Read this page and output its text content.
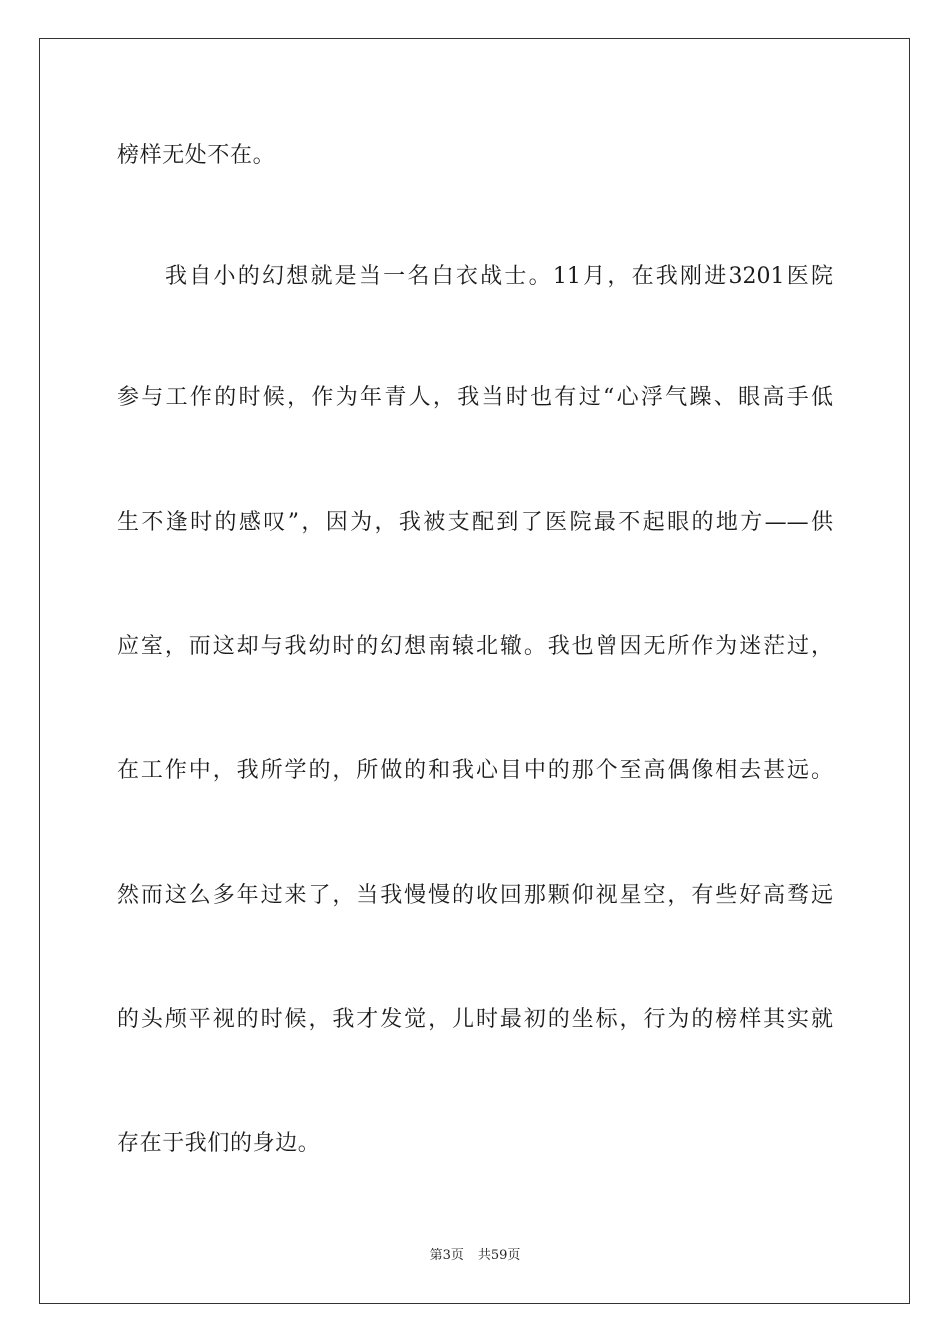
榜样无处不在。
我自小的幻想就是当一名白衣战士。11月，在我刚进3201医院
参与工作的时候，作为年青人，我当时也有过“心浮气躁、眼高手低
生不逢时的感叹”，因为，我被支配到了医院最不起眼的地方——供
应室，而这却与我幼时的幻想南辕北辙。我也曾因无所作为迷茫过，
在工作中，我所学的，所做的和我心目中的那个至高偶像相去甚远。
然而这么多年过来了，当我慢慢的收回那颗仰视星空，有些好高骛远
的头颅平视的时候，我才发觉，儿时最初的坐标，行为的榜样其实就
存在于我们的身边。
第3页 共59页
